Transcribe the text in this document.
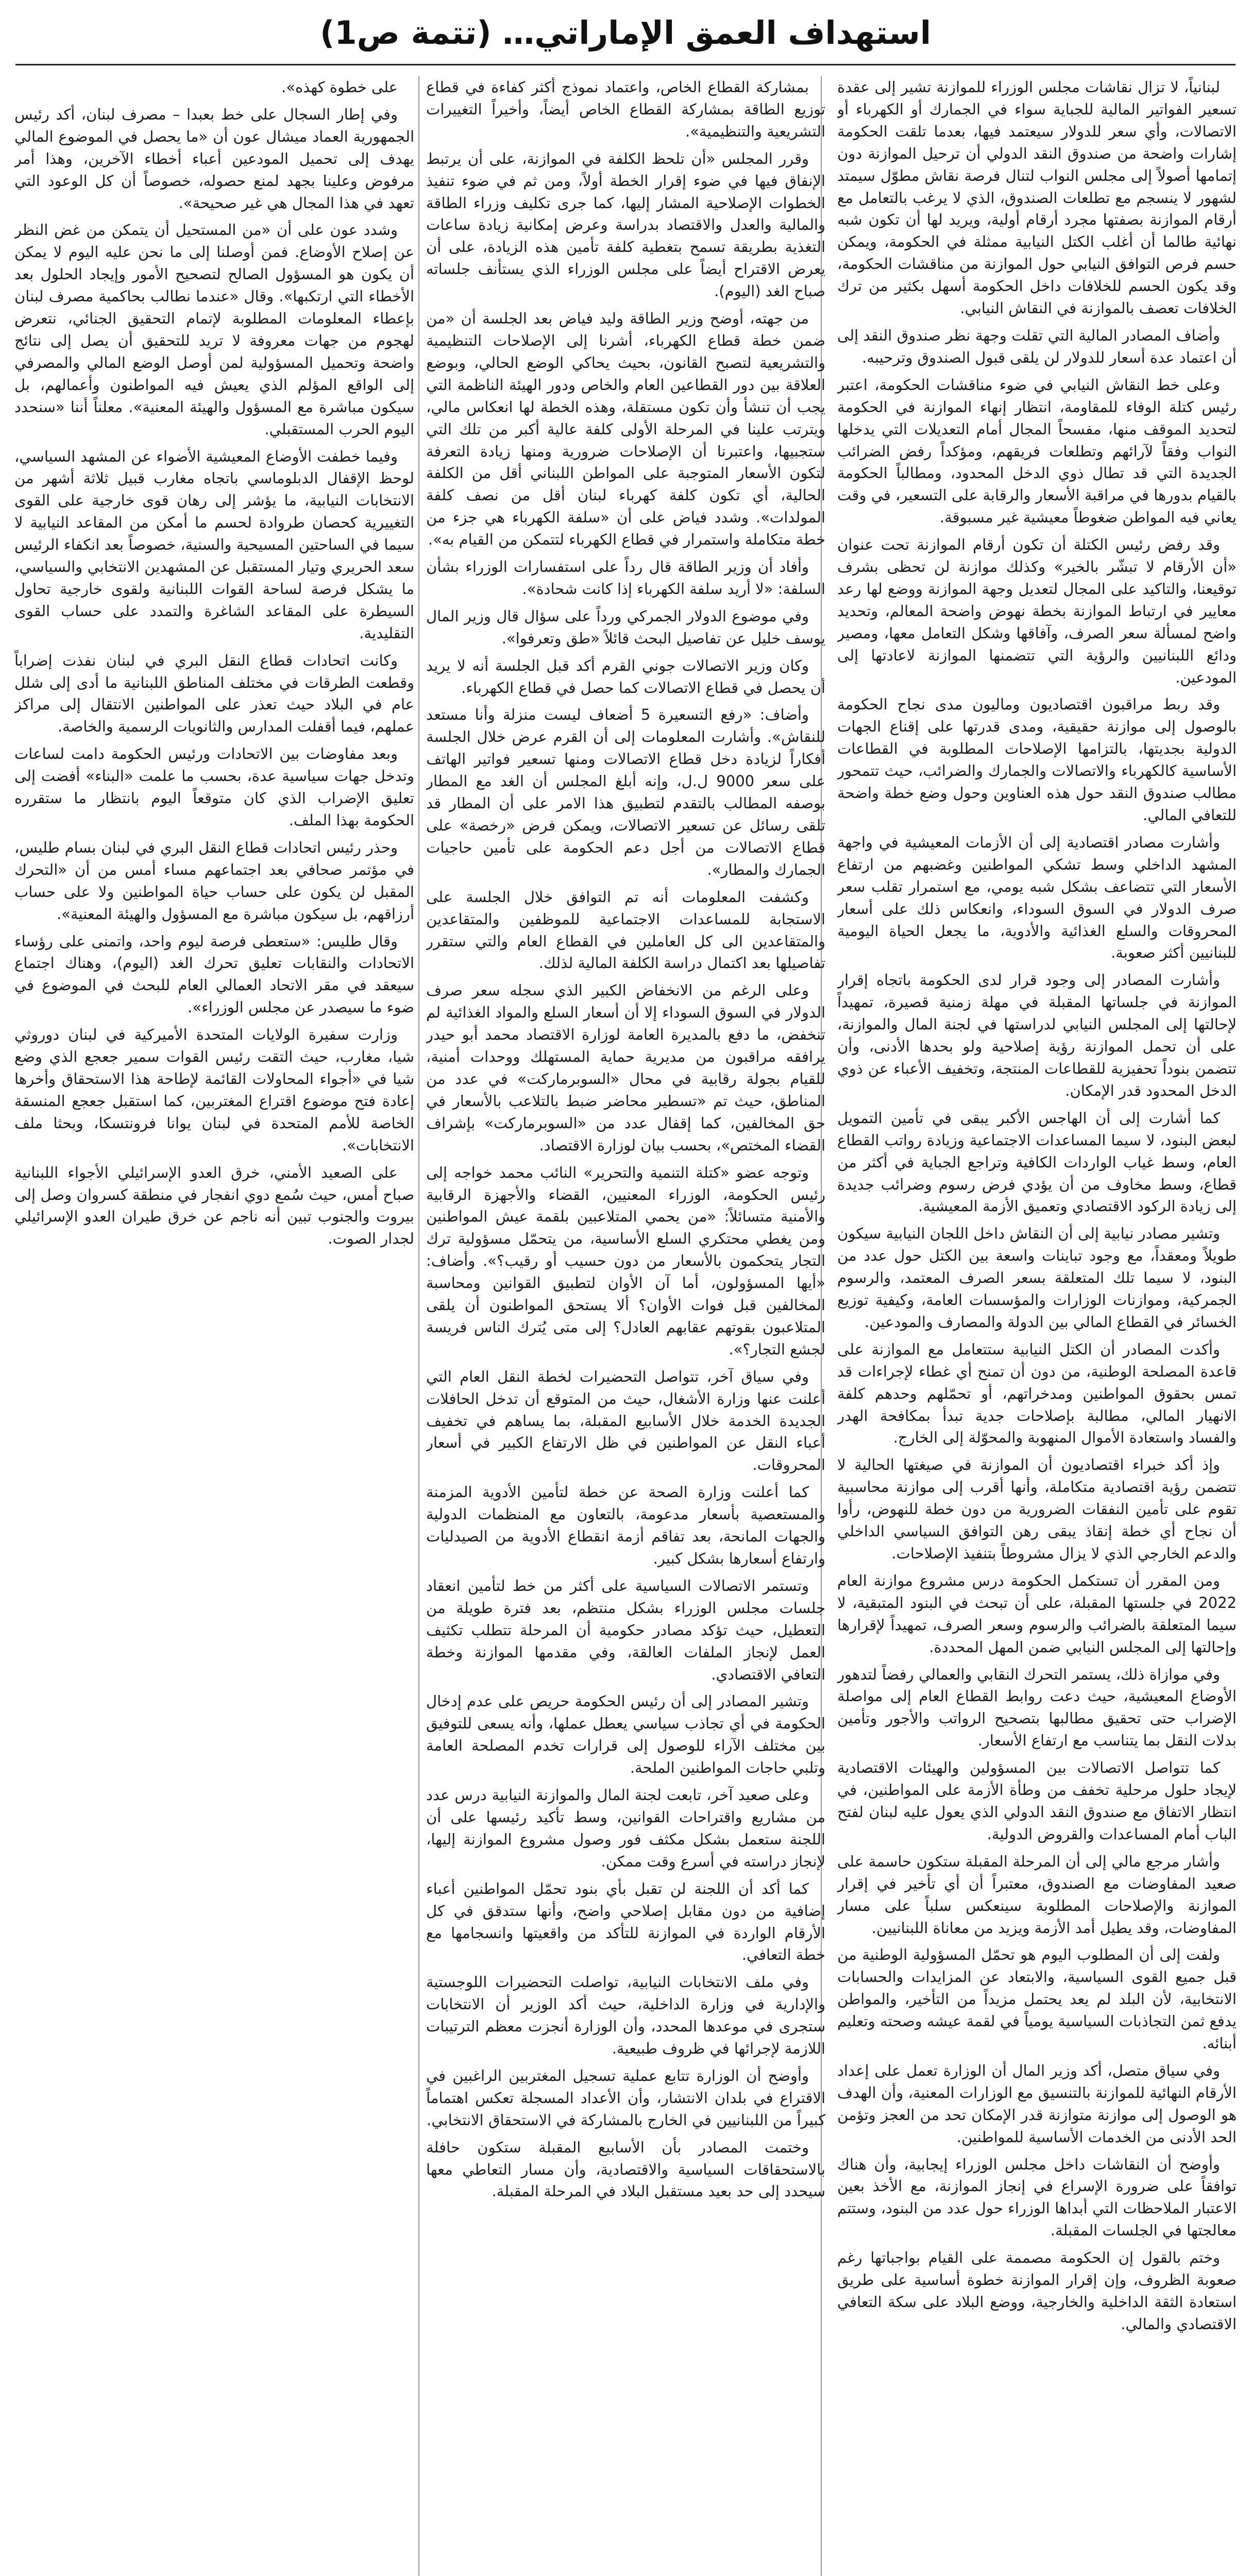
استهداف العمق الإماراتي… (تتمة ص1)

لبنانياً، لا تزال نقاشات مجلس الوزراء للموازنة تشير إلى عقدة تسعير الفواتير المالية للجباية سواء في الجمارك أو الكهرباء أو الاتصالات، وأي سعر للدولار سيعتمد فيها، بعدما تلقت الحكومة إشارات واضحة من صندوق النقد الدولي أن ترحيل الموازنة دون إتمامها أصولاً إلى مجلس النواب لتنال فرصة نقاش مطوّل سيمتد لشهور لا ينسجم مع تطلعات الصندوق، الذي لا يرغب بالتعامل مع أرقام الموازنة بصفتها مجرد أرقام أولية، ويريد لها أن تكون شبه نهائية طالما أن أغلب الكتل النيابية ممثلة في الحكومة، ويمكن حسم فرص التوافق النيابي حول الموازنة من مناقشات الحكومة، وقد يكون الحسم للخلافات داخل الحكومة أسهل بكثير من ترك الخلافات تعصف بالموازنة في النقاش النيابي.

وأضاف المصادر المالية التي تقلت وجهة نظر صندوق النقد إلى أن اعتماد عدة أسعار للدولار لن يلقى قبول الصندوق وترحيبه.

وعلى خط النقاش النيابي في ضوء مناقشات الحكومة، اعتبر رئيس كتلة الوفاء للمقاومة، انتظار إنهاء الموازنة في الحكومة لتحديد الموقف منها، مفسحاً المجال أمام التعديلات التي يدخلها النواب وفقاً لآرائهم وتطلعات فريقهم، ومؤكداً رفض الضرائب الجديدة التي قد تطال ذوي الدخل المحدود، ومطالباً الحكومة بالقيام بدورها في مراقبة الأسعار والرقابة على التسعير، في وقت يعاني فيه المواطن ضغوطاً معيشية غير مسبوقة.

وقد رفض رئيس الكتلة أن تكون أرقام الموازنة تحت عنوان «أن الأرقام لا تبشّر بالخير» وكذلك موازنة لن تحظى بشرف توقيعنا، والتاكيد على المجال لتعديل وجهة الموازنة ووضع لها رعد معايير في ارتباط الموازنة بخطة نهوض واضحة المعالم، وتحديد واضح لمسألة سعر الصرف، وآفاقها وشكل التعامل معها، ومصير ودائع اللبنانيين والرؤية التي تتضمنها الموازنة لاعادتها إلى المودعين.

وقد ربط مراقبون اقتصاديون وماليون مدى نجاح الحكومة بالوصول إلى موازنة حقيقية، ومدى قدرتها على إقناع الجهات الدولية بجديتها، بالتزامها الإصلاحات المطلوبة في القطاعات الأساسية كالكهرباء والاتصالات والجمارك والضرائب، حيث تتمحور مطالب صندوق النقد حول هذه العناوين وحول وضع خطة واضحة للتعافي المالي.

وأشارت مصادر اقتصادية إلى أن الأزمات المعيشية في واجهة المشهد الداخلي وسط تشكي المواطنين وغضبهم من ارتفاع الأسعار التي تتضاعف بشكل شبه يومي، مع استمرار تقلب سعر صرف الدولار في السوق السوداء، وانعكاس ذلك على أسعار المحروقات والسلع الغذائية والأدوية، ما يجعل الحياة اليومية للبنانيين أكثر صعوبة.

وأشارت المصادر إلى وجود قرار لدى الحكومة باتجاه إقرار الموازنة في جلساتها المقبلة في مهلة زمنية قصيرة، تمهيداً لإحالتها إلى المجلس النيابي لدراستها في لجنة المال والموازنة، على أن تحمل الموازنة رؤية إصلاحية ولو بحدها الأدنى، وأن تتضمن بنوداً تحفيزية للقطاعات المنتجة، وتخفيف الأعباء عن ذوي الدخل المحدود قدر الإمكان.

كما أشارت إلى أن الهاجس الأكبر يبقى في تأمين التمويل لبعض البنود، لا سيما المساعدات الاجتماعية وزيادة رواتب القطاع العام، وسط غياب الواردات الكافية وتراجع الجباية في أكثر من قطاع، وسط مخاوف من أن يؤدي فرض رسوم وضرائب جديدة إلى زيادة الركود الاقتصادي وتعميق الأزمة المعيشية.

وتشير مصادر نيابية إلى أن النقاش داخل اللجان النيابية سيكون طويلاً ومعقداً، مع وجود تباينات واسعة بين الكتل حول عدد من البنود، لا سيما تلك المتعلقة بسعر الصرف المعتمد، والرسوم الجمركية، وموازنات الوزارات والمؤسسات العامة، وكيفية توزيع الخسائر في القطاع المالي بين الدولة والمصارف والمودعين.

وأكدت المصادر أن الكتل النيابية ستتعامل مع الموازنة على قاعدة المصلحة الوطنية، من دون أن تمنح أي غطاء لإجراءات قد تمس بحقوق المواطنين ومدخراتهم، أو تحمّلهم وحدهم كلفة الانهيار المالي، مطالبة بإصلاحات جدية تبدأ بمكافحة الهدر والفساد واستعادة الأموال المنهوبة والمحوّلة إلى الخارج.

وإذ أكد خبراء اقتصاديون أن الموازنة في صيغتها الحالية لا تتضمن رؤية اقتصادية متكاملة، وأنها أقرب إلى موازنة محاسبية تقوم على تأمين النفقات الضرورية من دون خطة للنهوض، رأوا أن نجاح أي خطة إنقاذ يبقى رهن التوافق السياسي الداخلي والدعم الخارجي الذي لا يزال مشروطاً بتنفيذ الإصلاحات.

ومن المقرر أن تستكمل الحكومة درس مشروع موازنة العام 2022 في جلستها المقبلة، على أن تبحث في البنود المتبقية، لا سيما المتعلقة بالضرائب والرسوم وسعر الصرف، تمهيداً لإقرارها وإحالتها إلى المجلس النيابي ضمن المهل المحددة.

وفي موازاة ذلك، يستمر التحرك النقابي والعمالي رفضاً لتدهور الأوضاع المعيشية، حيث دعت روابط القطاع العام إلى مواصلة الإضراب حتى تحقيق مطالبها بتصحيح الرواتب والأجور وتأمين بدلات النقل بما يتناسب مع ارتفاع الأسعار.

كما تتواصل الاتصالات بين المسؤولين والهيئات الاقتصادية لإيجاد حلول مرحلية تخفف من وطأة الأزمة على المواطنين، في انتظار الاتفاق مع صندوق النقد الدولي الذي يعول عليه لبنان لفتح الباب أمام المساعدات والقروض الدولية.

وأشار مرجع مالي إلى أن المرحلة المقبلة ستكون حاسمة على صعيد المفاوضات مع الصندوق، معتبراً أن أي تأخير في إقرار الموازنة والإصلاحات المطلوبة سينعكس سلباً على مسار المفاوضات، وقد يطيل أمد الأزمة ويزيد من معاناة اللبنانيين.

ولفت إلى أن المطلوب اليوم هو تحمّل المسؤولية الوطنية من قبل جميع القوى السياسية، والابتعاد عن المزايدات والحسابات الانتخابية، لأن البلد لم يعد يحتمل مزيداً من التأخير، والمواطن يدفع ثمن التجاذبات السياسية يومياً في لقمة عيشه وصحته وتعليم أبنائه.

وفي سياق متصل، أكد وزير المال أن الوزارة تعمل على إعداد الأرقام النهائية للموازنة بالتنسيق مع الوزارات المعنية، وأن الهدف هو الوصول إلى موازنة متوازنة قدر الإمكان تحد من العجز وتؤمن الحد الأدنى من الخدمات الأساسية للمواطنين.

وأوضح أن النقاشات داخل مجلس الوزراء إيجابية، وأن هناك توافقاً على ضرورة الإسراع في إنجاز الموازنة، مع الأخذ بعين الاعتبار الملاحظات التي أبداها الوزراء حول عدد من البنود، وستتم معالجتها في الجلسات المقبلة.

وختم بالقول إن الحكومة مصممة على القيام بواجباتها رغم صعوبة الظروف، وإن إقرار الموازنة خطوة أساسية على طريق استعادة الثقة الداخلية والخارجية، ووضع البلاد على سكة التعافي الاقتصادي والمالي.

بمشاركة القطاع الخاص، واعتماد نموذج أكثر كفاءة في قطاع توزيع الطاقة بمشاركة القطاع الخاص أيضاً، وأخيراً التغييرات التشريعية والتنظيمية».

وقرر المجلس «أن تلحظ الكلفة في الموازنة، على أن يرتبط الإنفاق فيها في ضوء إقرار الخطة أولاً، ومن ثم في ضوء تنفيذ الخطوات الإصلاحية المشار إليها، كما جرى تكليف وزراء الطاقة والمالية والعدل والاقتصاد بدراسة وعرض إمكانية زيادة ساعات التغذية بطريقة تسمح بتغطية كلفة تأمين هذه الزيادة، على أن يعرض الاقتراح أيضاً على مجلس الوزراء الذي يستأنف جلساته صباح الغد (اليوم).

من جهته، أوضح وزير الطاقة وليد فياض بعد الجلسة أن «من ضمن خطة قطاع الكهرباء، أشرنا إلى الإصلاحات التنظيمية والتشريعية لتصبح القانون، بحيث يحاكي الوضع الحالي، وبوضع العلاقة بين دور القطاعين العام والخاص ودور الهيئة الناظمة التي يجب أن تنشأ وأن تكون مستقلة، وهذه الخطة لها انعكاس مالي، ويترتب علينا في المرحلة الأولى كلفة عالية أكبر من تلك التي ستجبيها، واعتبرنا أن الإصلاحات ضرورية ومنها زيادة التعرفة لتكون الأسعار المتوجبة على المواطن اللبناني أقل من الكلفة الحالية، أي تكون كلفة كهرباء لبنان أقل من نصف كلفة المولدات». وشدد فياض على أن «سلفة الكهرباء هي جزء من خطة متكاملة واستمرار في قطاع الكهرباء لتتمكن من القيام به».

وأفاد أن وزير الطاقة قال رداً على استفسارات الوزراء بشأن السلفة: «لا أريد سلفة الكهرباء إذا كانت شحادة».

وفي موضوع الدولار الجمركي ورداً على سؤال قال وزير المال يوسف خليل عن تفاصيل البحث قائلاً «طق وتعرفوا».

وكان وزير الاتصالات جوني القرم أكد قبل الجلسة أنه لا يريد أن يحصل في قطاع الاتصالات كما حصل في قطاع الكهرباء.

وأضاف: «رفع التسعيرة 5 أضعاف ليست منزلة وأنا مستعد للنقاش». وأشارت المعلومات إلى أن القرم عرض خلال الجلسة أفكاراً لزيادة دخل قطاع الاتصالات ومنها تسعير فواتير الهاتف على سعر 9000 ل.ل، وإنه أبلغ المجلس أن الغد مع المطار بوصفه المطالب بالتقدم لتطبيق هذا الامر على أن المطار قد تلقى رسائل عن تسعير الاتصالات، ويمكن فرض «رخصة» على قطاع الاتصالات من أجل دعم الحكومة على تأمين حاجيات الجمارك والمطار».

وكشفت المعلومات أنه تم التوافق خلال الجلسة على الاستجابة للمساعدات الاجتماعية للموظفين والمتقاعدين والمتقاعدين الى كل العاملين في القطاع العام والتي ستقرر تفاصيلها بعد اكتمال دراسة الكلفة المالية لذلك.

وعلى الرغم من الانخفاض الكبير الذي سجله سعر صرف الدولار في السوق السوداء إلا أن أسعار السلع والمواد الغذائية لم تنخفض، ما دفع بالمديرة العامة لوزارة الاقتصاد محمد أبو حيدر يرافقه مراقبون من مديرية حماية المستهلك ووحدات أمنية، للقيام بجولة رقابية في محال «السوبرماركت» في عدد من المناطق، حيث تم «تسطير محاضر ضبط بالتلاعب بالأسعار في حق المخالفين، كما إقفال عدد من «السوبرماركت» بإشراف القضاء المختص»، بحسب بيان لوزارة الاقتصاد.

وتوجه عضو «كتلة التنمية والتحرير» النائب محمد خواجه إلى رئيس الحكومة، الوزراء المعنيين، القضاء والأجهزة الرقابية والأمنية متسائلاً: «من يحمي المتلاعبين بلقمة عيش المواطنين ومن يغطي محتكري السلع الأساسية، من يتحمّل مسؤولية ترك التجار يتحكمون بالأسعار من دون حسيب أو رقيب؟». وأضاف: «أيها المسؤولون، أما آن الأوان لتطبيق القوانين ومحاسبة المخالفين قبل فوات الأوان؟ ألا يستحق المواطنون أن يلقى المتلاعبون بقوتهم عقابهم العادل؟ إلى متى يُترك الناس فريسة لجشع التجار؟».

وفي سياق آخر، تتواصل التحضيرات لخطة النقل العام التي أعلنت عنها وزارة الأشغال، حيث من المتوقع أن تدخل الحافلات الجديدة الخدمة خلال الأسابيع المقبلة، بما يساهم في تخفيف أعباء النقل عن المواطنين في ظل الارتفاع الكبير في أسعار المحروقات.

كما أعلنت وزارة الصحة عن خطة لتأمين الأدوية المزمنة والمستعصية بأسعار مدعومة، بالتعاون مع المنظمات الدولية والجهات المانحة، بعد تفاقم أزمة انقطاع الأدوية من الصيدليات وارتفاع أسعارها بشكل كبير.

وتستمر الاتصالات السياسية على أكثر من خط لتأمين انعقاد جلسات مجلس الوزراء بشكل منتظم، بعد فترة طويلة من التعطيل، حيث تؤكد مصادر حكومية أن المرحلة تتطلب تكثيف العمل لإنجاز الملفات العالقة، وفي مقدمها الموازنة وخطة التعافي الاقتصادي.

وتشير المصادر إلى أن رئيس الحكومة حريص على عدم إدخال الحكومة في أي تجاذب سياسي يعطل عملها، وأنه يسعى للتوفيق بين مختلف الآراء للوصول إلى قرارات تخدم المصلحة العامة وتلبي حاجات المواطنين الملحة.

وعلى صعيد آخر، تابعت لجنة المال والموازنة النيابية درس عدد من مشاريع واقتراحات القوانين، وسط تأكيد رئيسها على أن اللجنة ستعمل بشكل مكثف فور وصول مشروع الموازنة إليها، لإنجاز دراسته في أسرع وقت ممكن.

كما أكد أن اللجنة لن تقبل بأي بنود تحمّل المواطنين أعباء إضافية من دون مقابل إصلاحي واضح، وأنها ستدقق في كل الأرقام الواردة في الموازنة للتأكد من واقعيتها وانسجامها مع خطة التعافي.

وفي ملف الانتخابات النيابية، تواصلت التحضيرات اللوجستية والإدارية في وزارة الداخلية، حيث أكد الوزير أن الانتخابات ستجرى في موعدها المحدد، وأن الوزارة أنجزت معظم الترتيبات اللازمة لإجرائها في ظروف طبيعية.

وأوضح أن الوزارة تتابع عملية تسجيل المغتربين الراغبين في الاقتراع في بلدان الانتشار، وأن الأعداد المسجلة تعكس اهتماماً كبيراً من اللبنانيين في الخارج بالمشاركة في الاستحقاق الانتخابي.

وختمت المصادر بأن الأسابيع المقبلة ستكون حافلة بالاستحقاقات السياسية والاقتصادية، وأن مسار التعاطي معها سيحدد إلى حد بعيد مستقبل البلاد في المرحلة المقبلة.

على خطوة كهذه».

وفي إطار السجال على خط بعبدا – مصرف لبنان، أكد رئيس الجمهورية العماد ميشال عون أن «ما يحصل في الموضوع المالي يهدف إلى تحميل المودعين أعباء أخطاء الآخرين، وهذا أمر مرفوض وعلينا بجهد لمنع حصوله، خصوصاً أن كل الوعود التي تعهد في هذا المجال هي غير صحيحة».

وشدد عون على أن «من المستحيل أن يتمكن من غض النظر عن إصلاح الأوضاع. فمن أوصلنا إلى ما نحن عليه اليوم لا يمكن أن يكون هو المسؤول الصالح لتصحيح الأمور وإيجاد الحلول بعد الأخطاء التي ارتكبها». وقال «عندما نطالب بحاكمية مصرف لبنان بإعطاء المعلومات المطلوبة لإتمام التحقيق الجنائي، نتعرض لهجوم من جهات معروفة لا تريد للتحقيق أن يصل إلى نتائج واضحة وتحميل المسؤولية لمن أوصل الوضع المالي والمصرفي إلى الواقع المؤلم الذي يعيش فيه المواطنون وأعمالهم، بل سيكون مباشرة مع المسؤول والهيئة المعنية». معلناً أننا «سنحدد اليوم الحرب المستقبلي.

وفيما خطفت الأوضاع المعيشية الأضواء عن المشهد السياسي، لوحظ الإقفال الدبلوماسي باتجاه مغارب قبيل ثلاثة أشهر من الانتخابات النيابية، ما يؤشر إلى رهان قوى خارجية على القوى التغييرية كحصان طروادة لحسم ما أمكن من المقاعد النيابية لا سيما في الساحتين المسيحية والسنية، خصوصاً بعد انكفاء الرئيس سعد الحريري وتيار المستقبل عن المشهدين الانتخابي والسياسي، ما يشكل فرصة لساحة القوات اللبنانية ولقوى خارجية تحاول السيطرة على المقاعد الشاغرة والتمدد على حساب القوى التقليدية.

وكانت اتحادات قطاع النقل البري في لبنان نفذت إضراباً وقطعت الطرقات في مختلف المناطق اللبنانية ما أدى إلى شلل عام في البلاد حيث تعذر على المواطنين الانتقال إلى مراكز عملهم، فيما أقفلت المدارس والثانويات الرسمية والخاصة.

وبعد مفاوضات بين الاتحادات ورئيس الحكومة دامت لساعات وتدخل جهات سياسية عدة، بحسب ما علمت «البناء» أفضت إلى تعليق الإضراب الذي كان متوقعاً اليوم بانتظار ما ستقرره الحكومة بهذا الملف.

وحذر رئيس اتحادات قطاع النقل البري في لبنان بسام طليس، في مؤتمر صحافي بعد اجتماعهم مساء أمس من أن «التحرك المقبل لن يكون على حساب حياة المواطنين ولا على حساب أرزاقهم، بل سيكون مباشرة مع المسؤول والهيئة المعنية».

وقال طليس: «ستعطى فرصة ليوم واحد، واتمنى على رؤساء الاتحادات والنقابات تعليق تحرك الغد (اليوم)، وهناك اجتماع سيعقد في مقر الاتحاد العمالي العام للبحث في الموضوع في ضوء ما سيصدر عن مجلس الوزراء».

وزارت سفيرة الولايات المتحدة الأميركية في لبنان دوروثي شيا، مغارب، حيث التقت رئيس القوات سمير جعجع الذي وضع شيا في «أجواء المحاولات القائمة لإطاحة هذا الاستحقاق وأخرها إعادة فتح موضوع اقتراع المغتربين، كما استقبل جعجع المنسقة الخاصة للأمم المتحدة في لبنان يوانا فرونتسكا، وبحثا ملف الانتخابات».

على الصعيد الأمني، خرق العدو الإسرائيلي الأجواء اللبنانية صباح أمس، حيث سُمع دوي انفجار في منطقة كسروان وصل إلى بيروت والجنوب تبين أنه ناجم عن خرق طيران العدو الإسرائيلي لجدار الصوت.
